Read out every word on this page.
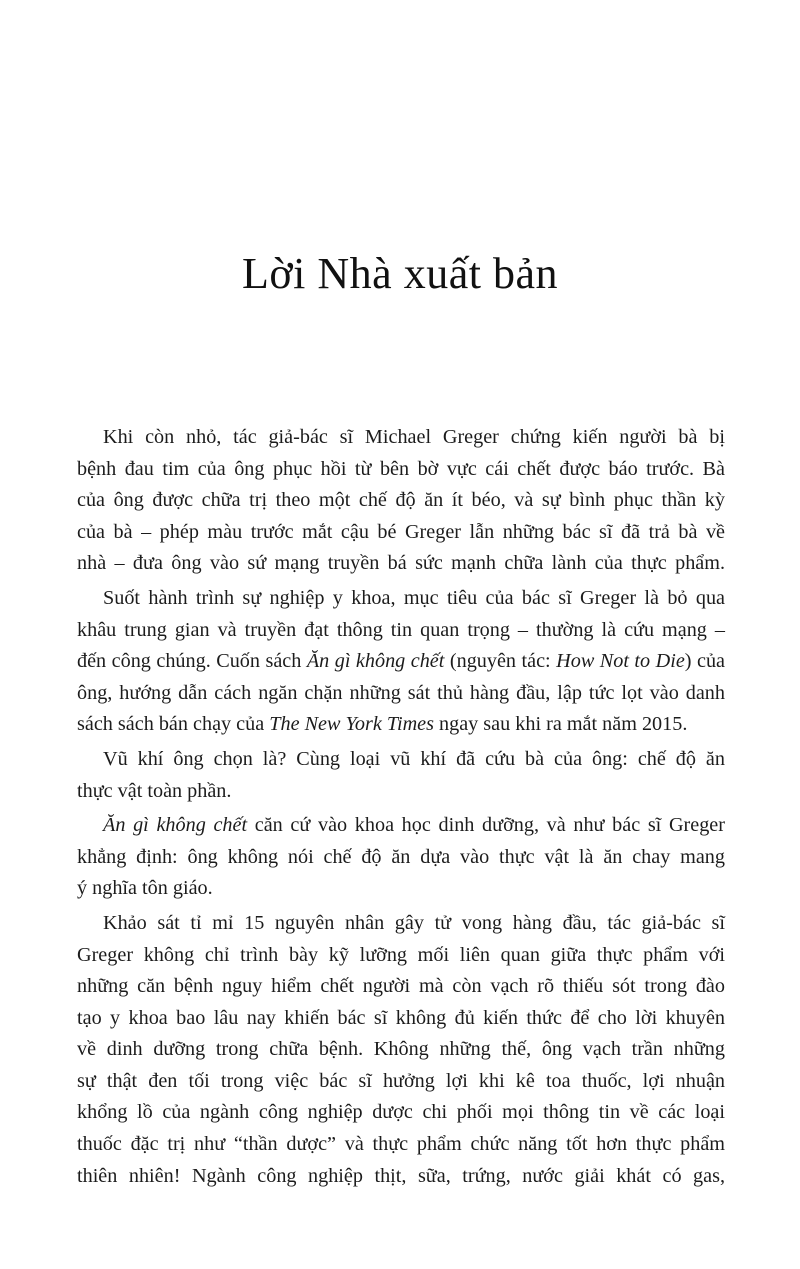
Lời Nhà xuất bản
Khi còn nhỏ, tác giả-bác sĩ Michael Greger chứng kiến người bà bị
bệnh đau tim của ông phục hồi từ bên bờ vực cái chết được báo trước. Bà
của ông được chữa trị theo một chế độ ăn ít béo, và sự bình phục thần kỳ
của bà – phép màu trước mắt cậu bé Greger lẫn những bác sĩ đã trả bà về
nhà – đưa ông vào sứ mạng truyền bá sức mạnh chữa lành của thực phẩm.
Suốt hành trình sự nghiệp y khoa, mục tiêu của bác sĩ Greger là bỏ qua
khâu trung gian và truyền đạt thông tin quan trọng – thường là cứu mạng –
đến công chúng. Cuốn sách Ăn gì không chết (nguyên tác: How Not to Die) của
ông, hướng dẫn cách ngăn chặn những sát thủ hàng đầu, lập tức lọt vào danh
sách sách bán chạy của The New York Times ngay sau khi ra mắt năm 2015.
Vũ khí ông chọn là? Cùng loại vũ khí đã cứu bà của ông: chế độ ăn
thực vật toàn phần.
Ăn gì không chết căn cứ vào khoa học dinh dưỡng, và như bác sĩ Greger
khẳng định: ông không nói chế độ ăn dựa vào thực vật là ăn chay mang
ý nghĩa tôn giáo.
Khảo sát tỉ mỉ 15 nguyên nhân gây tử vong hàng đầu, tác giả-bác sĩ
Greger không chỉ trình bày kỹ lưỡng mối liên quan giữa thực phẩm với
những căn bệnh nguy hiểm chết người mà còn vạch rõ thiếu sót trong đào
tạo y khoa bao lâu nay khiến bác sĩ không đủ kiến thức để cho lời khuyên
về dinh dưỡng trong chữa bệnh. Không những thế, ông vạch trần những
sự thật đen tối trong việc bác sĩ hưởng lợi khi kê toa thuốc, lợi nhuận
khổng lồ của ngành công nghiệp dược chi phối mọi thông tin về các loại
thuốc đặc trị như “thần dược” và thực phẩm chức năng tốt hơn thực phẩm
thiên nhiên! Ngành công nghiệp thịt, sữa, trứng, nước giải khát có gas,
